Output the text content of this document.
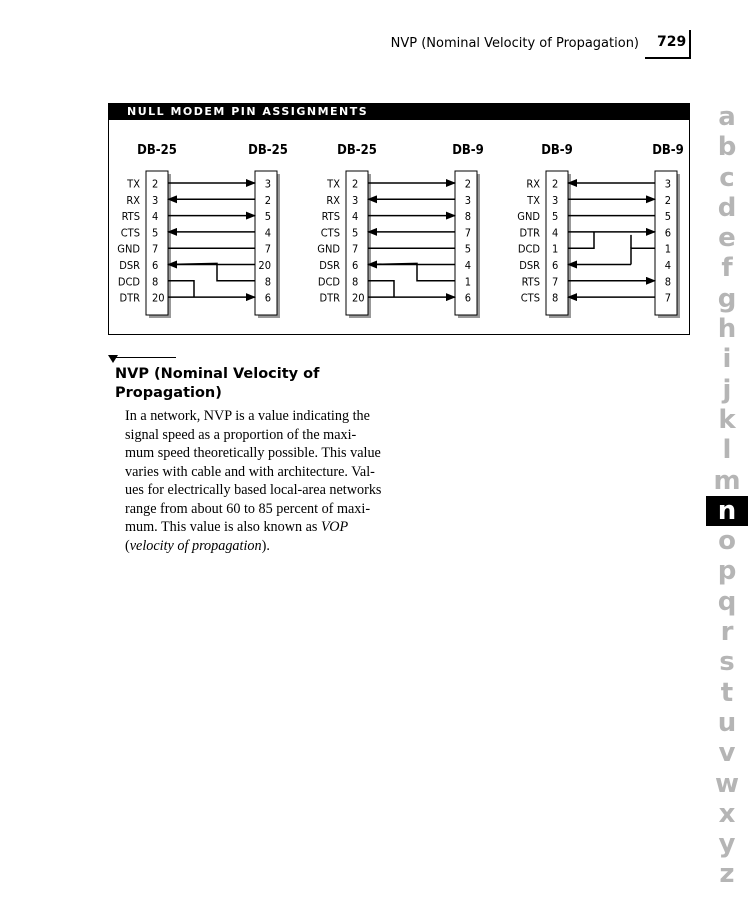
NVP (Nominal Velocity of Propagation) 729
NULL MODEM PIN ASSIGNMENTS
DB-25	DB-25
TX 2	3
RX 3	2
RTS 4	5
CTS 5	4
GND 7	7
DSR 6	20
DCD 8	8
DTR 20	6
DB-25	DB-9
TX 2	2
RX 3	3
RTS 4	8
CTS 5	7
GND 7	5
DSR 6	4
DCD 8	1
DTR 20	6
DB-9	DB-9
RX 2	3
TX 3	2
GND 5	5
DTR 4	6
DCD 1	1
DSR 6	4
RTS 7	8
CTS 8	7
NVP (Nominal Velocity of
Propagation)
In a network, NVP is a value indicating the
signal speed as a proportion of the maxi-
mum speed theoretically possible. This value
varies with cable and with architecture. Val-
ues for electrically based local-area networks
range from about 60 to 85 percent of maxi-
mum. This value is also known as VOP
(velocity of propagation).
a
b
c
d
e
f
g
h
i
j
k
l
m
n
o
p
q
r
s
t
u
v
w
x
y
z
